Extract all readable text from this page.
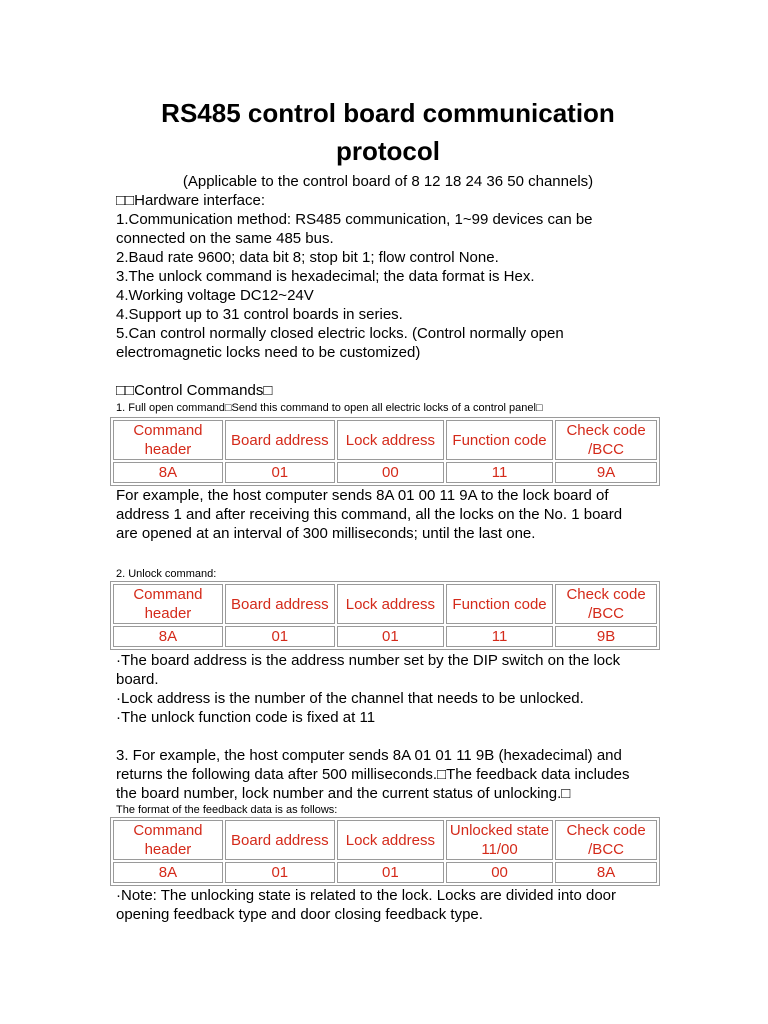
RS485 control board communication
protocol
(Applicable to the control board of 8 12 18 24 36 50 channels)
□□Hardware interface:
1.Communication method: RS485 communication, 1~99 devices can be
connected on the same 485 bus.
2.Baud rate 9600; data bit 8; stop bit 1; flow control None.
3.The unlock command is hexadecimal; the data format is Hex.
4.Working voltage DC12~24V
4.Support up to 31 control boards in series.
5.Can control normally closed electric locks. (Control normally open
electromagnetic locks need to be customized)
□□Control Commands□
1. Full open command□Send this command to open all electric locks of a control panel□
Command header	Board address	Lock address	Function code	Check code /BCC
8A	01	00	11	9A
For example, the host computer sends 8A 01 00 11 9A to the lock board of
address 1 and after receiving this command, all the locks on the No. 1 board
are opened at an interval of 300 milliseconds; until the last one.
2. Unlock command:
Command header	Board address	Lock address	Function code	Check code /BCC
8A	01	01	11	9B
·The board address is the address number set by the DIP switch on the lock
board.
·Lock address is the number of the channel that needs to be unlocked.
·The unlock function code is fixed at 11
3. For example, the host computer sends 8A 01 01 11 9B (hexadecimal) and
returns the following data after 500 milliseconds.□The feedback data includes
the board number, lock number and the current status of unlocking.□
The format of the feedback data is as follows:
Command header	Board address	Lock address	Unlocked state 11/00	Check code /BCC
8A	01	01	00	8A
·Note: The unlocking state is related to the lock. Locks are divided into door
opening feedback type and door closing feedback type.
